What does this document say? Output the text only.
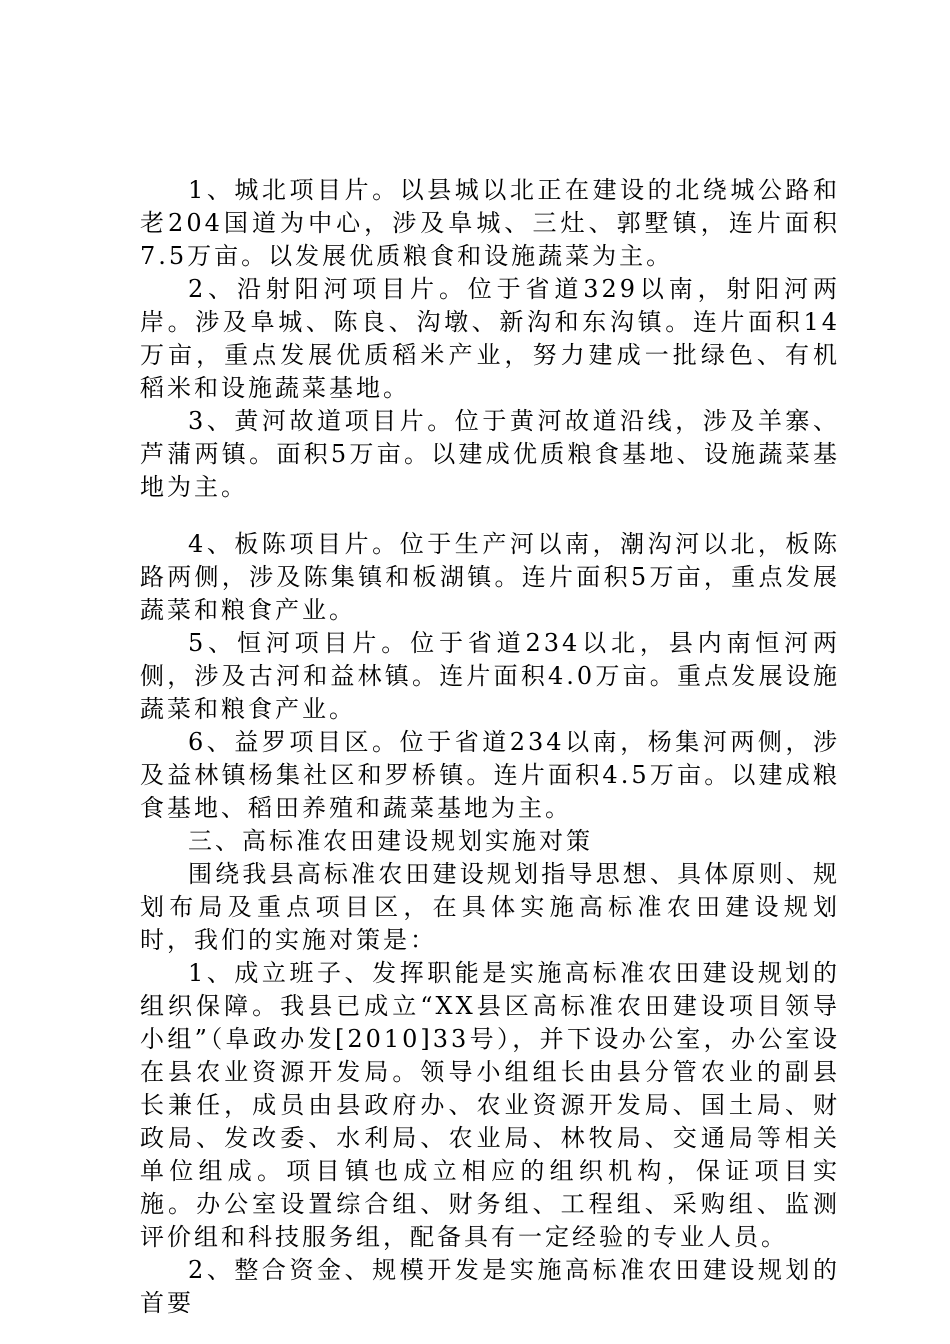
1、城北项目片。以县城以北正在建设的北绕城公路和老204国道为中心，涉及阜城、三灶、郭墅镇，连片面积7.5万亩。以发展优质粮食和设施蔬菜为主。

2、沿射阳河项目片。位于省道329以南，射阳河两岸。涉及阜城、陈良、沟墩、新沟和东沟镇。连片面积14万亩，重点发展优质稻米产业，努力建成一批绿色、有机稻米和设施蔬菜基地。

3、黄河故道项目片。位于黄河故道沿线，涉及羊寨、芦蒲两镇。面积5万亩。以建成优质粮食基地、设施蔬菜基地为主。

4、板陈项目片。位于生产河以南，潮沟河以北，板陈路两侧，涉及陈集镇和板湖镇。连片面积5万亩，重点发展蔬菜和粮食产业。

5、恒河项目片。位于省道234以北，县内南恒河两侧，涉及古河和益林镇。连片面积4.0万亩。重点发展设施蔬菜和粮食产业。

6、益罗项目区。位于省道234以南，杨集河两侧，涉及益林镇杨集社区和罗桥镇。连片面积4.5万亩。以建成粮食基地、稻田养殖和蔬菜基地为主。

三、高标准农田建设规划实施对策

围绕我县高标准农田建设规划指导思想、具体原则、规划布局及重点项目区，在具体实施高标准农田建设规划时，我们的实施对策是：

1、成立班子、发挥职能是实施高标准农田建设规划的组织保障。我县已成立“XX县区高标准农田建设项目领导小组”（阜政办发[2010]33号），并下设办公室，办公室设在县农业资源开发局。领导小组组长由县分管农业的副县长兼任，成员由县政府办、农业资源开发局、国土局、财政局、发改委、水利局、农业局、林牧局、交通局等相关单位组成。项目镇也成立相应的组织机构，保证项目实施。办公室设置综合组、财务组、工程组、采购组、监测评价组和科技服务组，配备具有一定经验的专业人员。

2、整合资金、规模开发是实施高标准农田建设规划的首要
